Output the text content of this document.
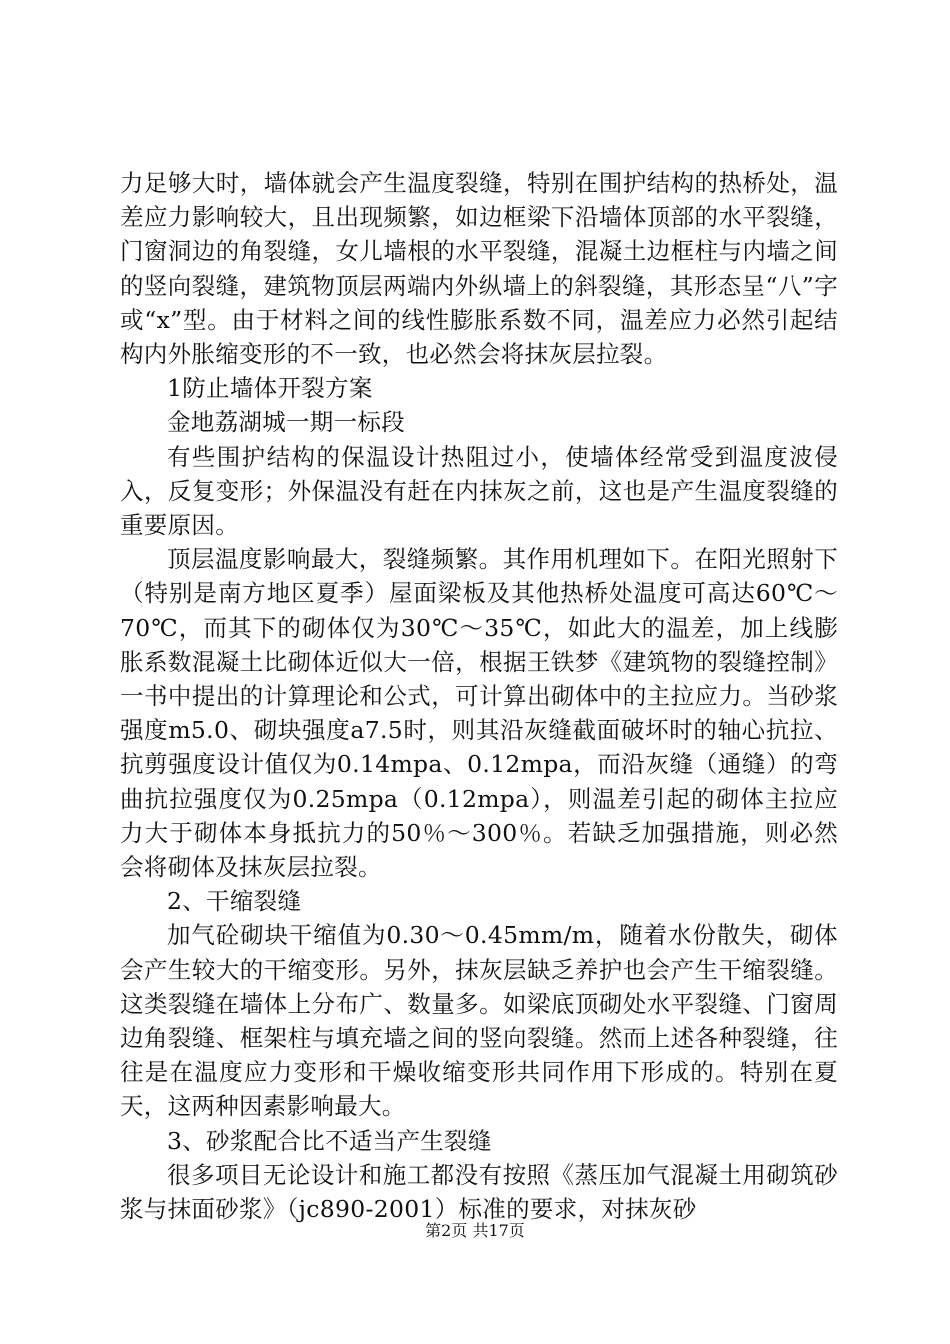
力足够大时，墙体就会产生温度裂缝，特别在围护结构的热桥处，温差应力影响较大，且出现频繁，如边框梁下沿墙体顶部的水平裂缝，门窗洞边的角裂缝，女儿墙根的水平裂缝，混凝土边框柱与内墙之间的竖向裂缝，建筑物顶层两端内外纵墙上的斜裂缝，其形态呈“八”字或“x”型。由于材料之间的线性膨胀系数不同，温差应力必然引起结构内外胀缩变形的不一致，也必然会将抹灰层拉裂。

1防止墙体开裂方案

金地荔湖城一期一标段

有些围护结构的保温设计热阻过小，使墙体经常受到温度波侵入，反复变形；外保温没有赶在内抹灰之前，这也是产生温度裂缝的重要原因。

顶层温度影响最大，裂缝频繁。其作用机理如下。在阳光照射下（特别是南方地区夏季）屋面梁板及其他热桥处温度可高达60℃～70℃，而其下的砌体仅为30℃～35℃，如此大的温差，加上线膨胀系数混凝土比砌体近似大一倍，根据王铁梦《建筑物的裂缝控制》一书中提出的计算理论和公式，可计算出砌体中的主拉应力。当砂浆强度m5.0、砌块强度a7.5时，则其沿灰缝截面破坏时的轴心抗拉、抗剪强度设计值仅为0.14mpa、0.12mpa，而沿灰缝（通缝）的弯曲抗拉强度仅为0.25mpa（0.12mpa），则温差引起的砌体主拉应力大于砌体本身抵抗力的50％～300％。若缺乏加强措施，则必然会将砌体及抹灰层拉裂。

2、干缩裂缝

加气砼砌块干缩值为0.30～0.45mm/m，随着水份散失，砌体会产生较大的干缩变形。另外，抹灰层缺乏养护也会产生干缩裂缝。这类裂缝在墙体上分布广、数量多。如梁底顶砌处水平裂缝、门窗周边角裂缝、框架柱与填充墙之间的竖向裂缝。然而上述各种裂缝，往往是在温度应力变形和干燥收缩变形共同作用下形成的。特别在夏天，这两种因素影响最大。

3、砂浆配合比不适当产生裂缝

很多项目无论设计和施工都没有按照《蒸压加气混凝土用砌筑砂浆与抹面砂浆》（jc890-2001）标准的要求，对抹灰砂

第2页 共17页
